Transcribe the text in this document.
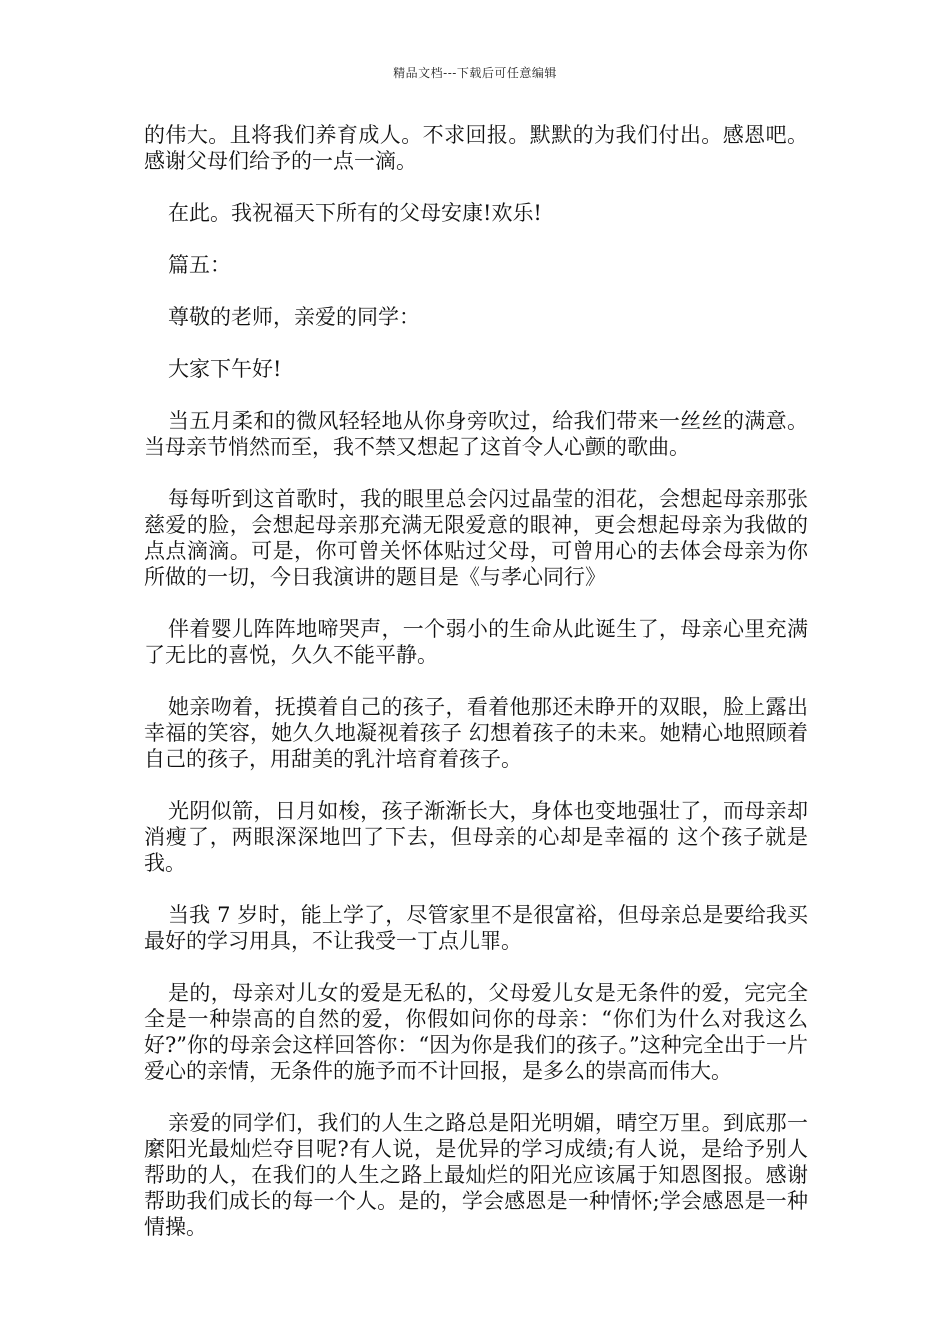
精品文档---下载后可任意编辑

的伟大。且将我们养育成人。不求回报。默默的为我们付出。感恩吧。感谢父母们给予的一点一滴。

在此。我祝福天下所有的父母安康!欢乐!

篇五：

尊敬的老师，亲爱的同学：

大家下午好!

当五月柔和的微风轻轻地从你身旁吹过，给我们带来一丝丝的满意。当母亲节悄然而至，我不禁又想起了这首令人心颤的歌曲。

每每听到这首歌时，我的眼里总会闪过晶莹的泪花，会想起母亲那张慈爱的脸，会想起母亲那充满无限爱意的眼神，更会想起母亲为我做的点点滴滴。可是，你可曾关怀体贴过父母，可曾用心的去体会母亲为你所做的一切，今日我演讲的题目是《与孝心同行》

伴着婴儿阵阵地啼哭声，一个弱小的生命从此诞生了，母亲心里充满了无比的喜悦，久久不能平静。

她亲吻着，抚摸着自己的孩子，看着他那还未睁开的双眼，脸上露出幸福的笑容，她久久地凝视着孩子 幻想着孩子的未来。她精心地照顾着自己的孩子，用甜美的乳汁培育着孩子。

光阴似箭，日月如梭，孩子渐渐长大，身体也变地强壮了，而母亲却消瘦了，两眼深深地凹了下去，但母亲的心却是幸福的 这个孩子就是我。

当我 7 岁时，能上学了，尽管家里不是很富裕，但母亲总是要给我买最好的学习用具，不让我受一丁点儿罪。

是的，母亲对儿女的爱是无私的，父母爱儿女是无条件的爱，完完全全是一种崇高的自然的爱，你假如问你的母亲：“你们为什么对我这么好?”你的母亲会这样回答你：“因为你是我们的孩子。”这种完全出于一片爱心的亲情，无条件的施予而不计回报，是多么的崇高而伟大。

亲爱的同学们，我们的人生之路总是阳光明媚，晴空万里。到底那一縻阳光最灿烂夺目呢?有人说，是优异的学习成绩;有人说，是给予别人帮助的人，在我们的人生之路上最灿烂的阳光应该属于知恩图报。感谢帮助我们成长的每一个人。是的，学会感恩是一种情怀;学会感恩是一种情操。
